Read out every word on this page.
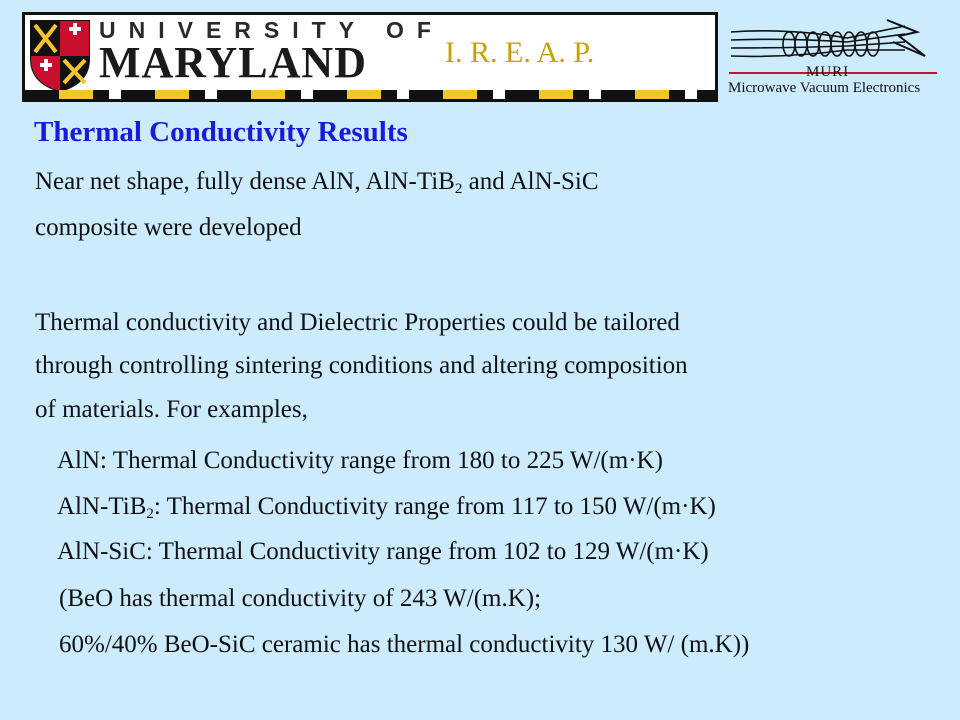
UNIVERSITY OF
MARYLAND	I. R. E. A. P.
MURI
Microwave Vacuum Electronics
Thermal Conductivity Results
Near net shape, fully dense AlN, AlN-TiB$_2$ and AlN-SiC
composite were developed
Thermal conductivity and Dielectric Properties could be tailored
through controlling sintering conditions and altering composition
of materials. For examples,
AlN: Thermal Conductivity range from 180 to 225 W/(m·K)
AlN-TiB$_2$: Thermal Conductivity range from 117 to 150 W/(m·K)
AlN-SiC: Thermal Conductivity range from 102 to 129 W/(m·K)
(BeO has thermal conductivity of 243 W/(m.K);
60%/40% BeO-SiC ceramic has thermal conductivity 130 W/ (m.K))
